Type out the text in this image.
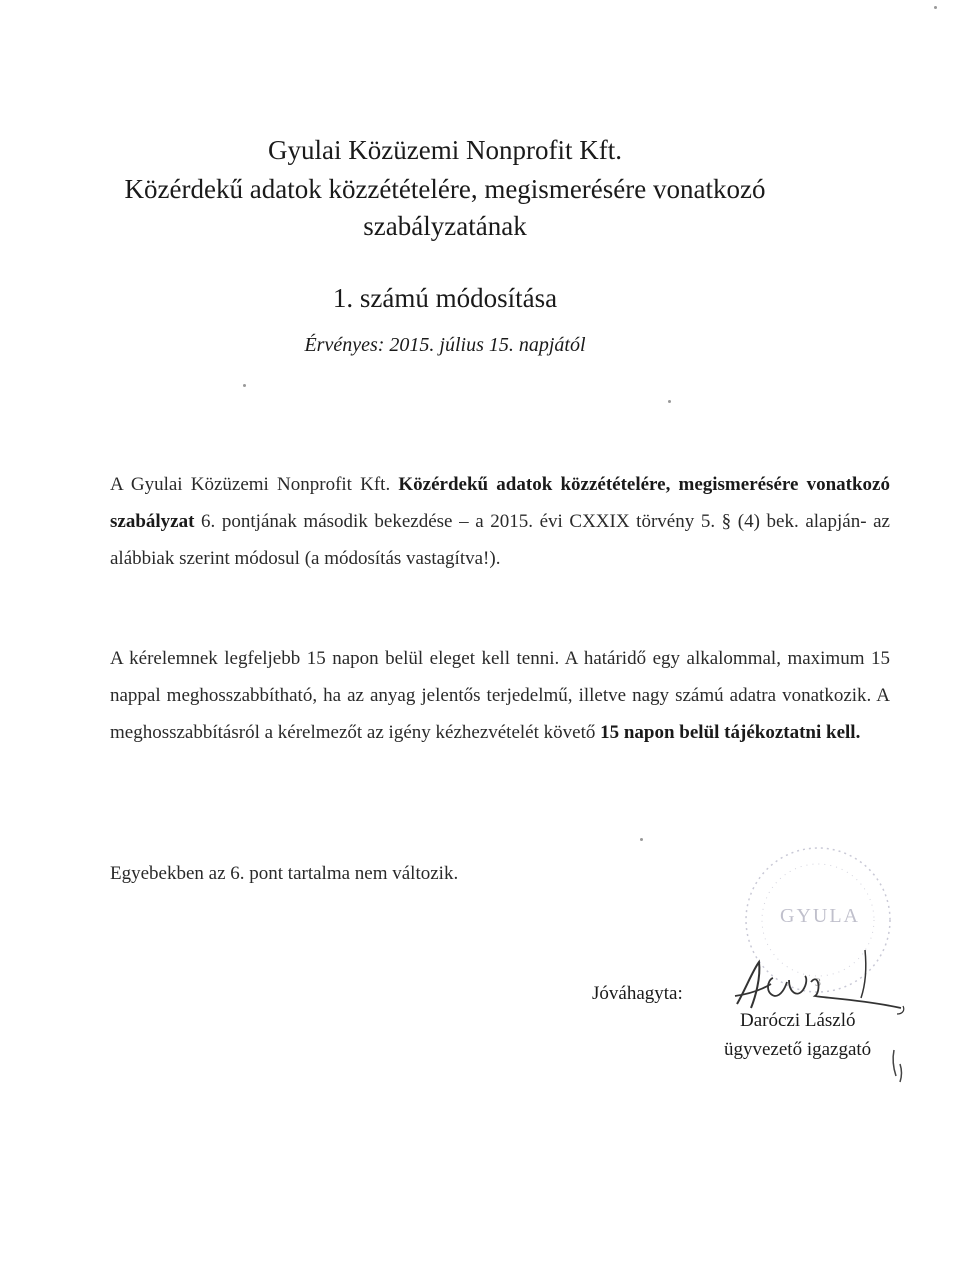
Gyulai Közüzemi Nonprofit Kft.
Közérdekű adatok közzétételére, megismerésére vonatkozó
szabályzatának
1. számú módosítása
Érvényes: 2015. július 15. napjától
A Gyulai Közüzemi Nonprofit Kft. Közérdekű adatok közzétételére, megismerésére vonatkozó szabályzat 6. pontjának második bekezdése – a 2015. évi CXXIX törvény 5. § (4) bek. alapján- az alábbiak szerint módosul (a módosítás vastagítva!).
A kérelemnek legfeljebb 15 napon belül eleget kell tenni. A határidő egy alkalommal, maximum 15 nappal meghosszabbítható, ha az anyag jelentős terjedelmű, illetve nagy számú adatra vonatkozik. A meghosszabbításról a kérelmezőt az igény kézhezvételét követő 15 napon belül tájékoztatni kell.
Egyebekben az 6. pont tartalma nem változik.
GYULA
3
Jóváhagyta:
Daróczi László
ügyvezető igazgató
